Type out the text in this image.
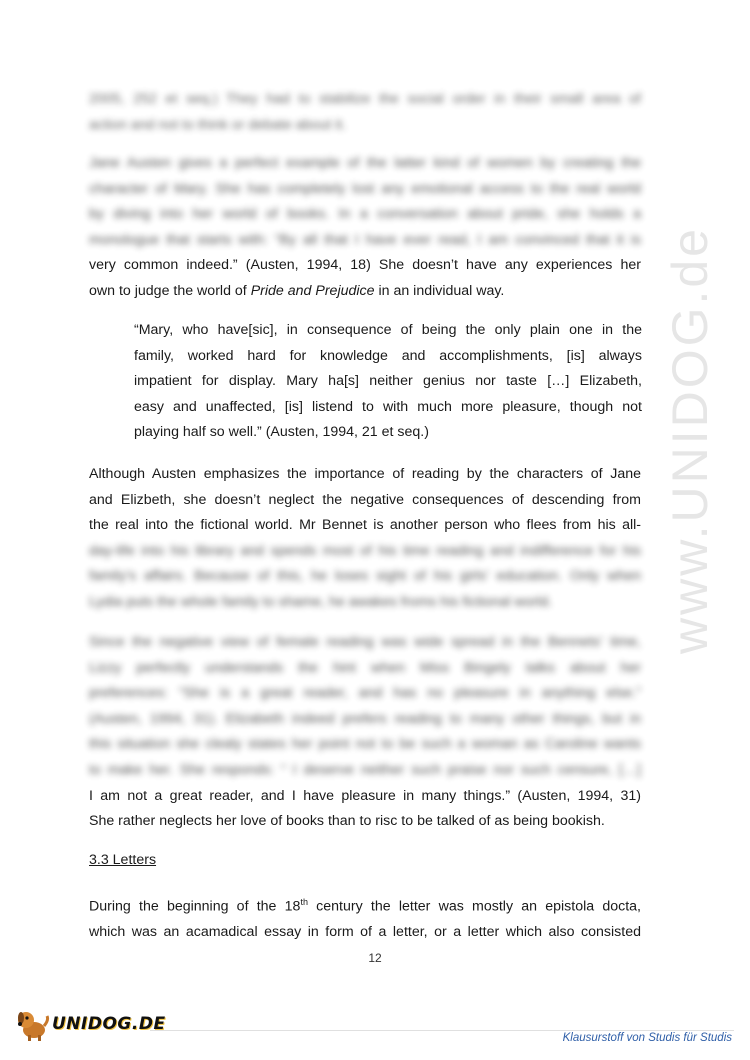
www.UNIDOG.de
2005, 252 et seq.) They had to stabilize the social order in their small area of
action and not to think or debate about it.
Jane Austen gives a perfect example of the latter kind of women by creating the
character of Mary. She has completely lost any emotional access to the real world
by diving into her world of books. In a conversation about pride, she holds a
monologue that starts with: “By all that I have ever read, I am convinced that it is
very common indeed.” (Austen, 1994, 18) She doesn’t have any experiences her
own to judge the world of Pride and Prejudice in an individual way.
“Mary, who have[sic], in consequence of being the only plain one in the
family, worked hard for knowledge and accomplishments, [is] always
impatient for display. Mary ha[s] neither genius nor taste […] Elizabeth,
easy and unaffected, [is] listend to with much more pleasure, though not
playing half so well.” (Austen, 1994, 21 et seq.)
Although Austen emphasizes the importance of reading by the characters of Jane
and Elizbeth, she doesn’t neglect the negative consequences of descending from
the real into the fictional world. Mr Bennet is another person who flees from his all-
day-life into his library and spends most of his time reading and indifference for his
family’s affairs. Because of this, he loses sight of his girls’ education. Only when
Lydia puts the whole family to shame, he awakes froms his fictional world.
Since the negative view of female reading was wide spread in the Bennets’ time,
Lizzy perfectly understands the hint when Miss Bingely talks about her
preferences: “She is a great reader, and has no pleasure in anything else.”
(Austen, 1994, 31). Elizabeth indeed prefers reading to many other things, but in
this situation she clealy states her point not to be such a woman as Caroline wants
to make her. She responds: “ I deserve neither such praise nor such censure, […]
I am not a great reader, and I have pleasure in many things.” (Austen, 1994, 31)
She rather neglects her love of books than to risc to be talked of as being bookish.
3.3 Letters
During the beginning of the 18th century the letter was mostly an epistola docta,
which was an acamadical essay in form of a letter, or a letter which also consisted
12
UNIDOG.DE
Klausurstoff von Studis für Studis
